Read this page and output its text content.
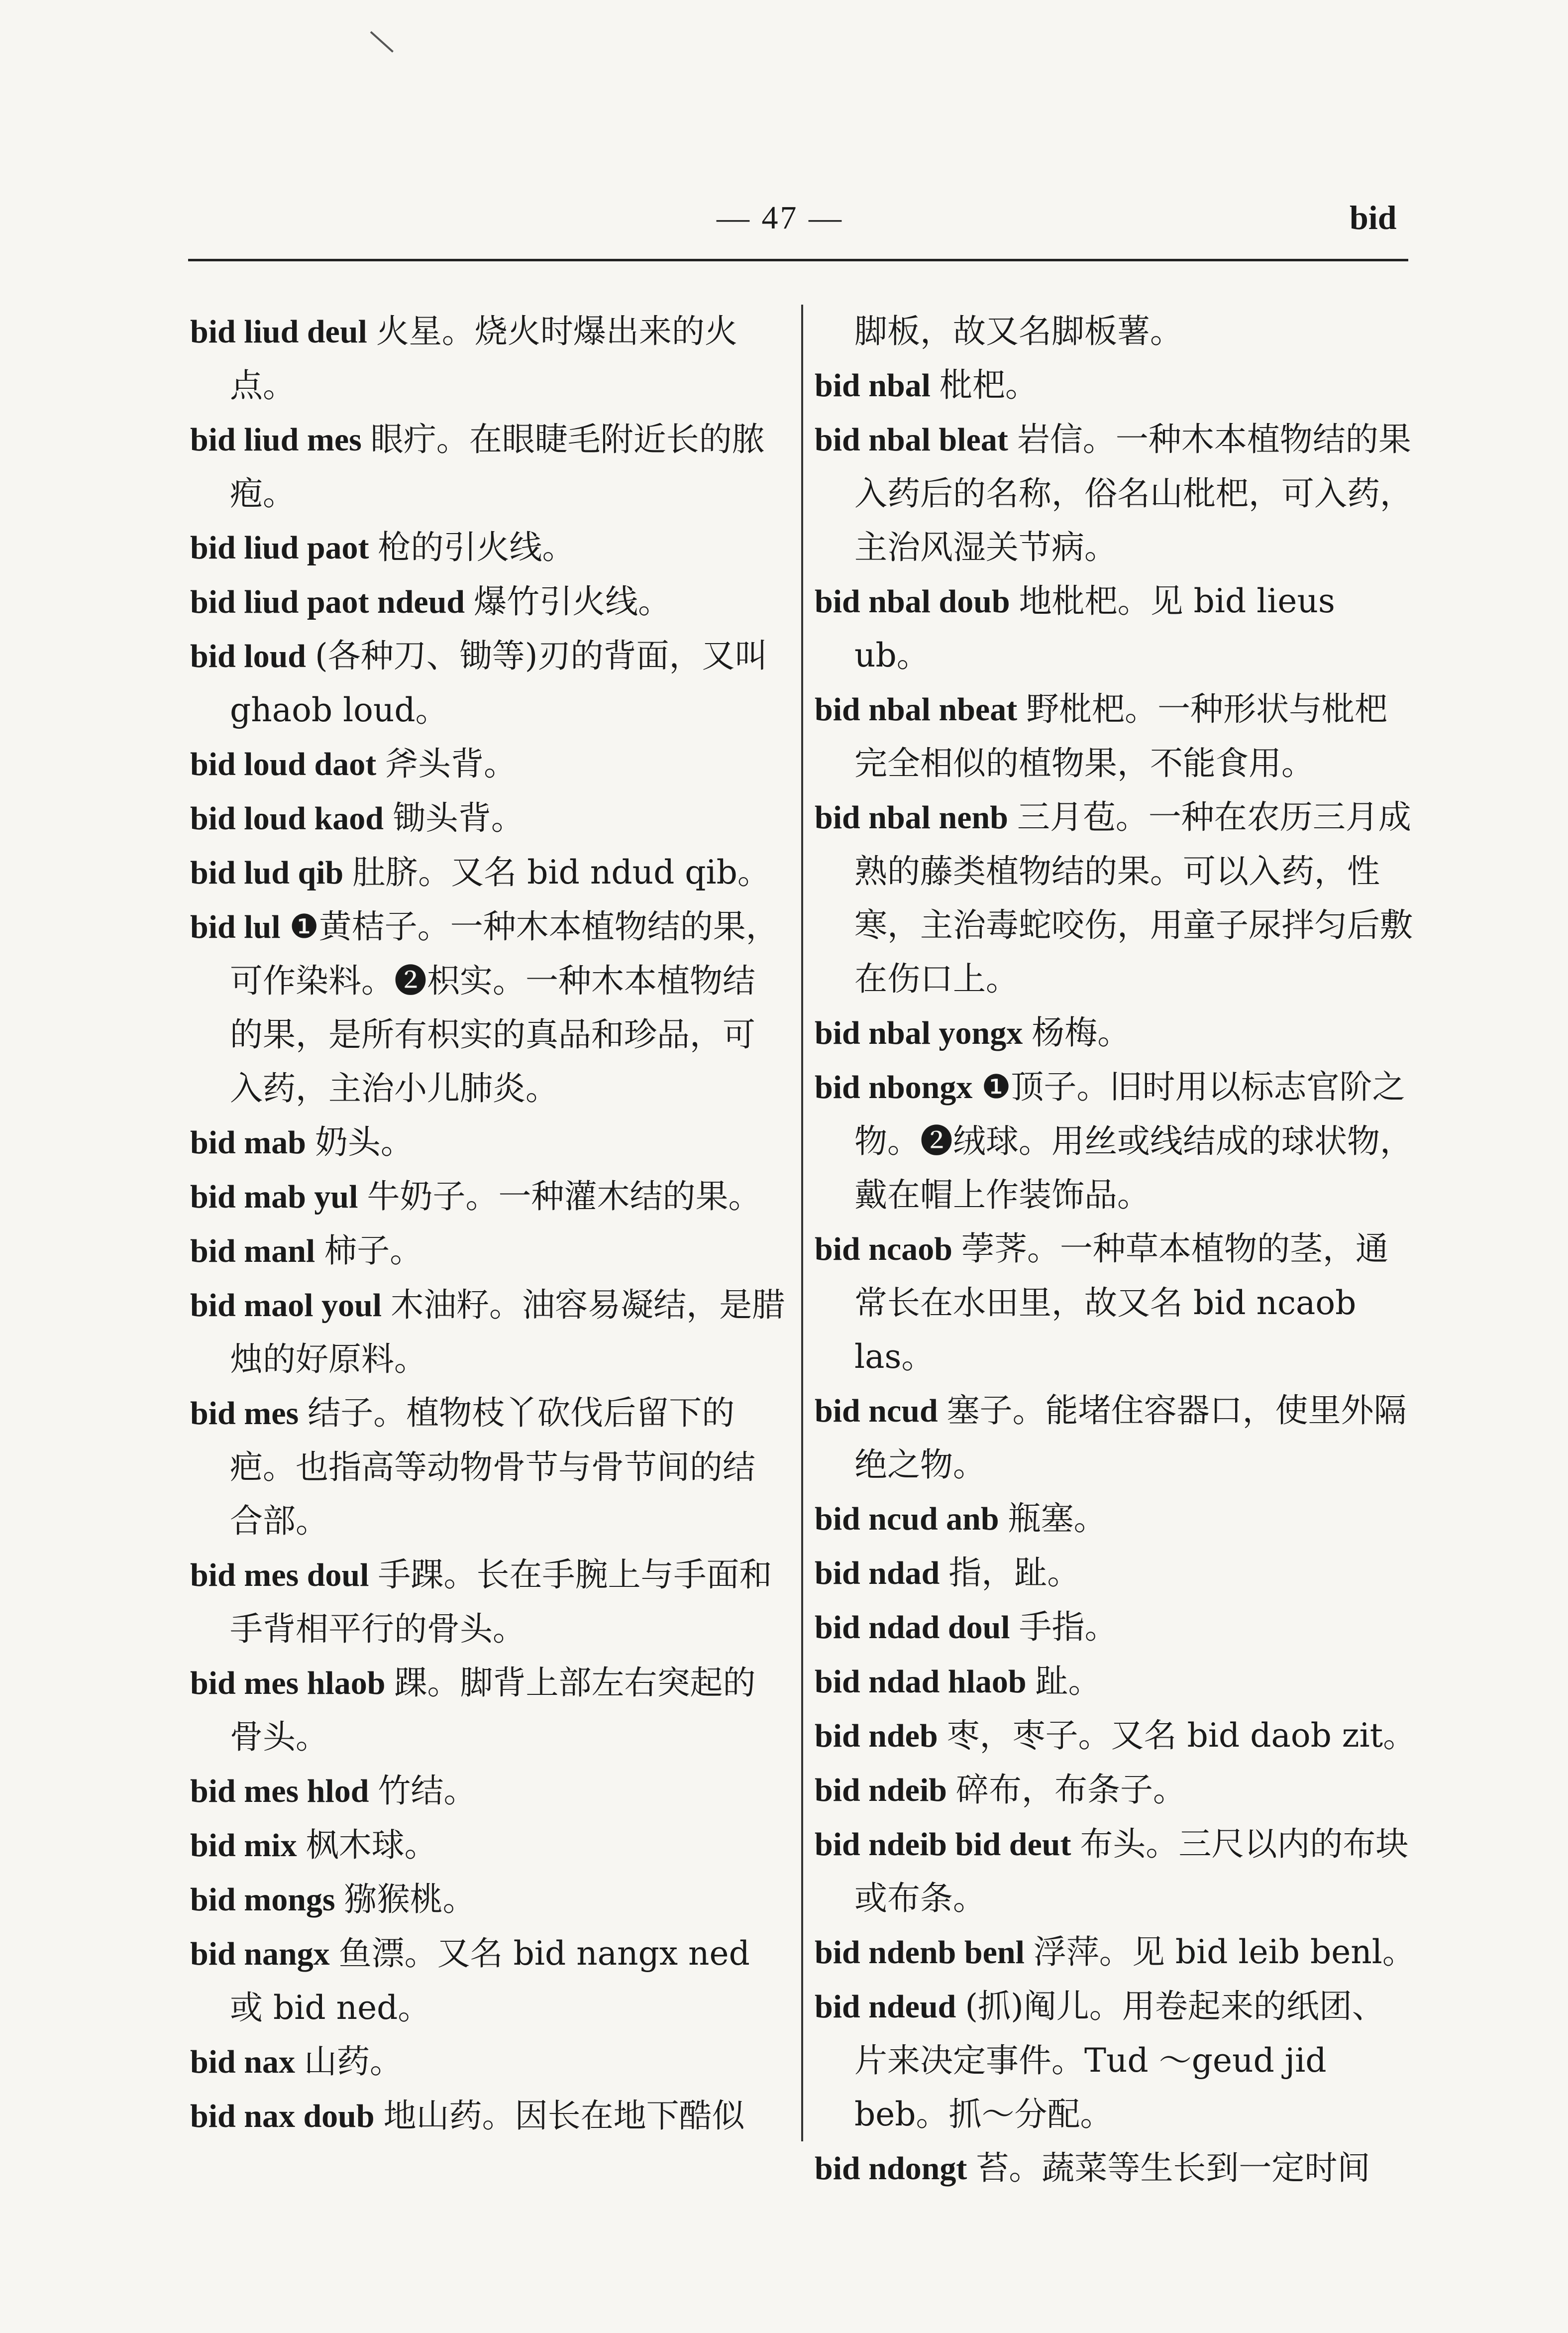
— 47 —	bid
bid liud deul 火星。烧火时爆出来的火点。
bid liud mes 眼疔。在眼睫毛附近长的脓疱。
bid liud paot 枪的引火线。
bid liud paot ndeud 爆竹引火线。
bid loud (各种刀、锄等)刃的背面，又叫 ghaob loud。
bid loud daot 斧头背。
bid loud kaod 锄头背。
bid lud qib 肚脐。又名 bid ndud qib。
bid lul ❶黄桔子。一种木本植物结的果，可作染料。❷枳实。一种木本植物结的果，是所有枳实的真品和珍品，可入药，主治小儿肺炎。
bid mab 奶头。
bid mab yul 牛奶子。一种灌木结的果。
bid manl 柿子。
bid maol youl 木油籽。油容易凝结，是腊烛的好原料。
bid mes 结子。植物枝丫砍伐后留下的疤。也指高等动物骨节与骨节间的结合部。
bid mes doul 手踝。长在手腕上与手面和手背相平行的骨头。
bid mes hlaob 踝。脚背上部左右突起的骨头。
bid mes hlod 竹结。
bid mix 枫木球。
bid mongs 猕猴桃。
bid nangx 鱼漂。又名 bid nangx ned 或 bid ned。
bid nax 山药。
bid nax doub 地山药。因长在地下酷似
脚板，故又名脚板薯。
bid nbal 枇杷。
bid nbal bleat 岩信。一种木本植物结的果入药后的名称，俗名山枇杷，可入药，主治风湿关节病。
bid nbal doub 地枇杷。见 bid lieus ub。
bid nbal nbeat 野枇杷。一种形状与枇杷完全相似的植物果，不能食用。
bid nbal nenb 三月苞。一种在农历三月成熟的藤类植物结的果。可以入药，性寒，主治毒蛇咬伤，用童子尿拌匀后敷在伤口上。
bid nbal yongx 杨梅。
bid nbongx ❶顶子。旧时用以标志官阶之物。❷绒球。用丝或线结成的球状物，戴在帽上作装饰品。
bid ncaob 荸荠。一种草本植物的茎，通常长在水田里，故又名 bid ncaob las。
bid ncud 塞子。能堵住容器口，使里外隔绝之物。
bid ncud anb 瓶塞。
bid ndad 指，趾。
bid ndad doul 手指。
bid ndad hlaob 趾。
bid ndeb 枣，枣子。又名 bid daob zit。
bid ndeib 碎布，布条子。
bid ndeib bid deut 布头。三尺以内的布块或布条。
bid ndenb benl 浮萍。见 bid leib benl。
bid ndeud (抓)阄儿。用卷起来的纸团、片来决定事件。Tud ～geud jid beb。抓～分配。
bid ndongt 苔。蔬菜等生长到一定时间
